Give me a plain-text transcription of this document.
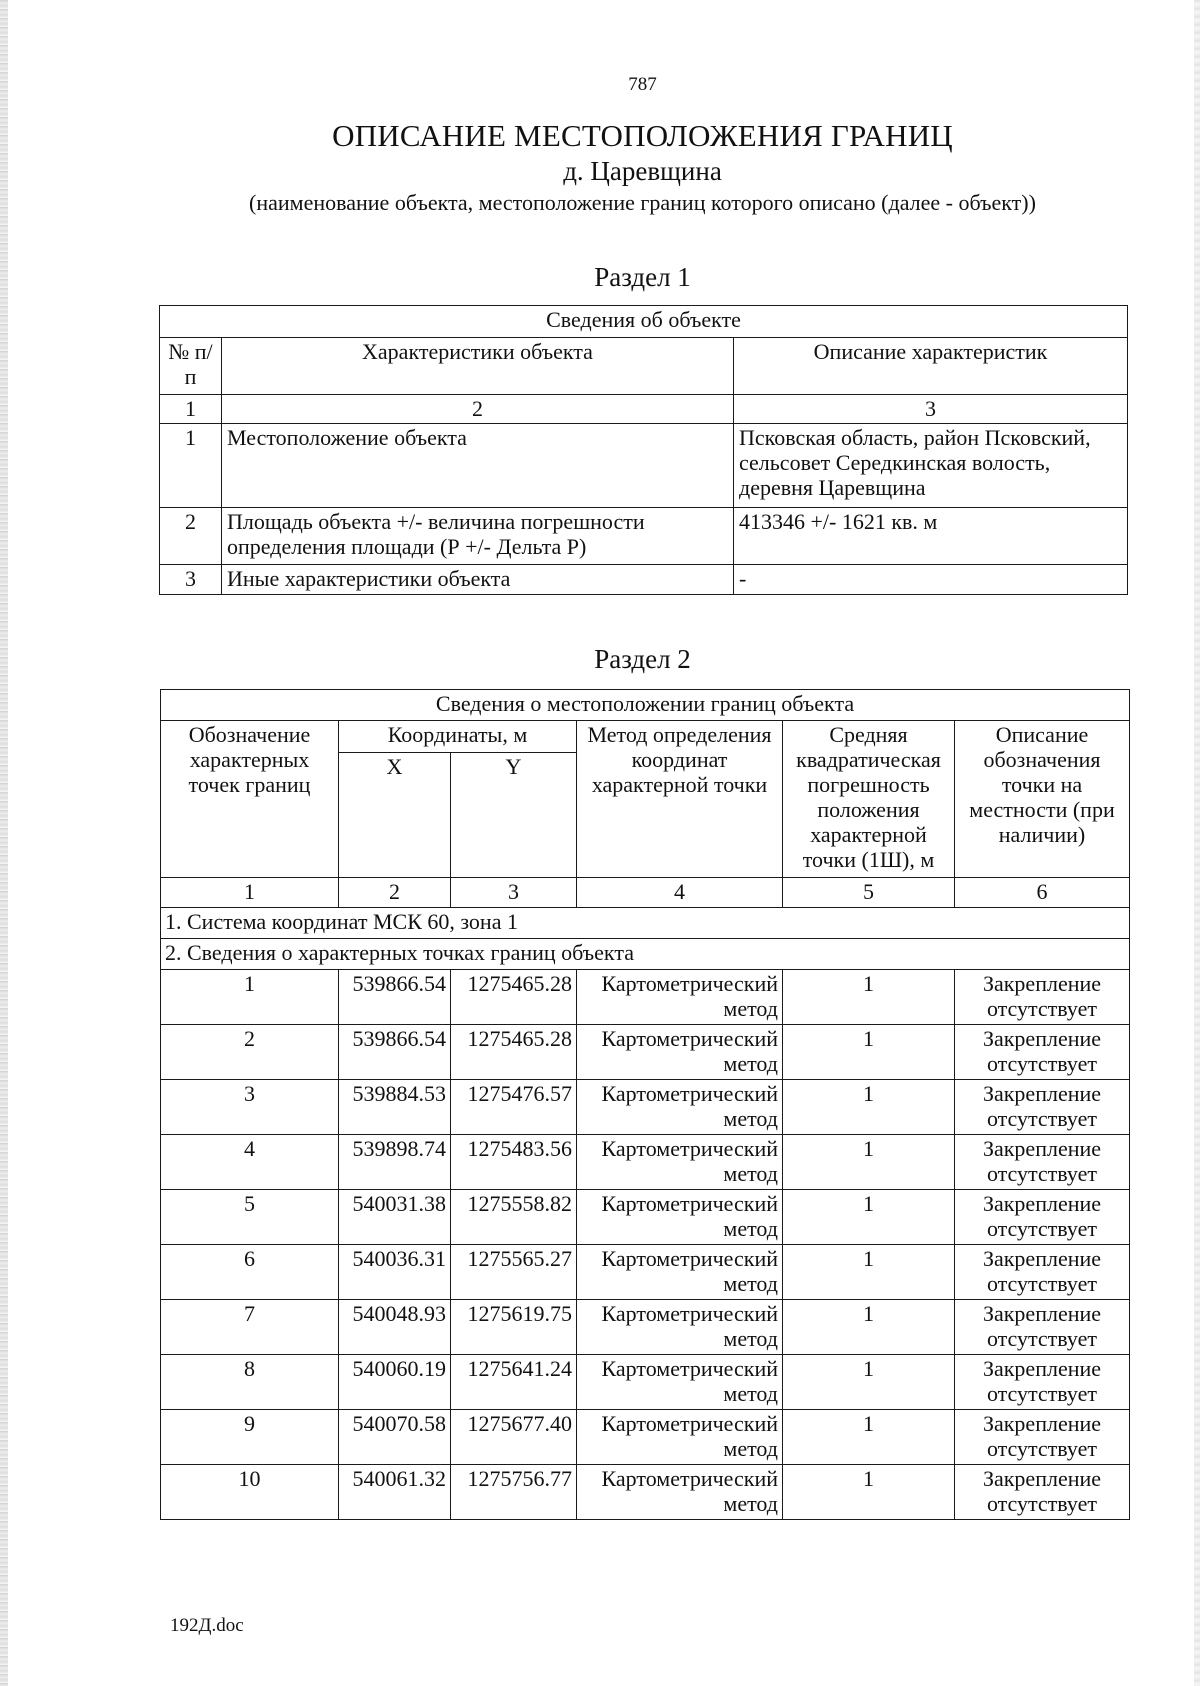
787
ОПИСАНИЕ МЕСТОПОЛОЖЕНИЯ ГРАНИЦ
д. Царевщина
(наименование объекта, местоположение границ которого описано (далее - объект))
Раздел 1
Сведения об объекте		
№ п/п	Характеристики объекта	Описание характеристик
1	2	3
1	Местоположение объекта	Псковская область, район Псковский, сельсовет Середкинская волость, деревня Царевщина
2	Площадь объекта +/- величина погрешности определения площади (Р +/- Дельта Р)	413346 +/- 1621 кв. м
3	Иные характеристики объекта	-
Раздел 2
Сведения о местоположении границ объекта					
Обозначение характерных точек границ	Координаты, м		Метод определения координат характерной точки	Средняя квадратическая погрешность положения характерной точки (1Ш), м	Описание обозначения точки на местности (при наличии)
	X	Y			
1	2	3	4	5	6
1. Система координат МСК 60, зона 1					
2. Сведения о характерных точках границ объекта					
1	539866.54	1275465.28	Картометрический метод	1	Закрепление отсутствует
2	539866.54	1275465.28	Картометрический метод	1	Закрепление отсутствует
3	539884.53	1275476.57	Картометрический метод	1	Закрепление отсутствует
4	539898.74	1275483.56	Картометрический метод	1	Закрепление отсутствует
5	540031.38	1275558.82	Картометрический метод	1	Закрепление отсутствует
6	540036.31	1275565.27	Картометрический метод	1	Закрепление отсутствует
7	540048.93	1275619.75	Картометрический метод	1	Закрепление отсутствует
8	540060.19	1275641.24	Картометрический метод	1	Закрепление отсутствует
9	540070.58	1275677.40	Картометрический метод	1	Закрепление отсутствует
10	540061.32	1275756.77	Картометрический метод	1	Закрепление отсутствует
192Д.doc
